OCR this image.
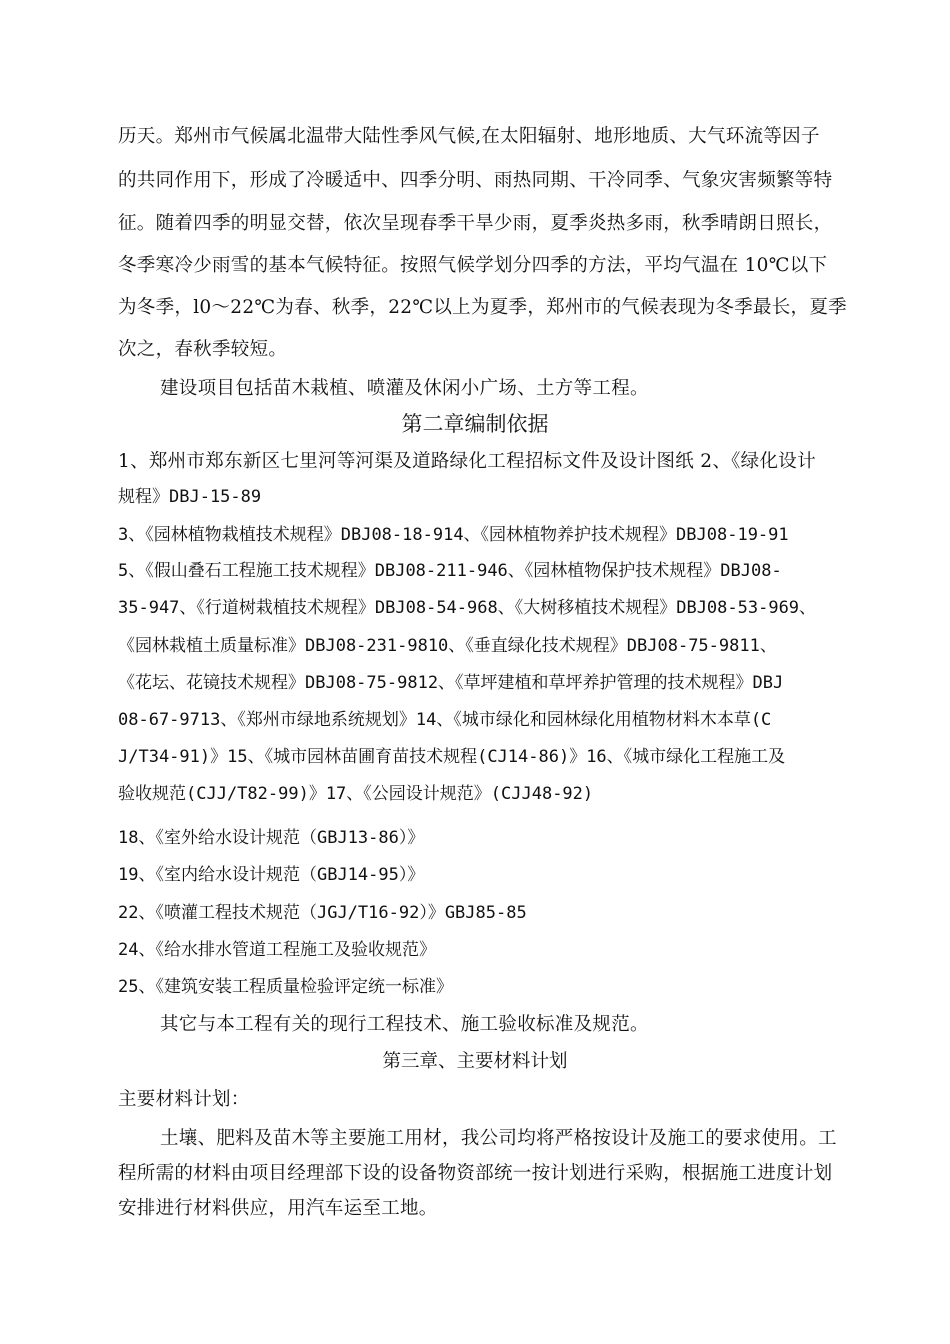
历天。郑州市气候属北温带大陆性季风气候,在太阳辐射、地形地质、大气环流等因子
的共同作用下，形成了冷暖适中、四季分明、雨热同期、干冷同季、气象灾害频繁等特
征。随着四季的明显交替，依次呈现春季干旱少雨，夏季炎热多雨，秋季晴朗日照长，
冬季寒冷少雨雪的基本气候特征。按照气候学划分四季的方法，平均气温在 10℃以下
为冬季，l0～22℃为春、秋季，22℃以上为夏季，郑州市的气候表现为冬季最长，夏季
次之，春秋季较短。
建设项目包括苗木栽植、喷灌及休闲小广场、土方等工程。
第二章编制依据
1、郑州市郑东新区七里河等河渠及道路绿化工程招标文件及设计图纸 2、《绿化设计
规程》DBJ-15-89
3、《园林植物栽植技术规程》DBJ08-18-914、《园林植物养护技术规程》DBJ08-19-91
5、《假山叠石工程施工技术规程》DBJ08-211-946、《园林植物保护技术规程》DBJ08-
35-947、《行道树栽植技术规程》DBJ08-54-968、《大树移植技术规程》DBJ08-53-969、
《园林栽植土质量标准》DBJ08-231-9810、《垂直绿化技术规程》DBJ08-75-9811、
《花坛、花镜技术规程》DBJ08-75-9812、《草坪建植和草坪养护管理的技术规程》DBJ
08-67-9713、《郑州市绿地系统规划》14、《城市绿化和园林绿化用植物材料木本草(C
J/T34-91)》15、《城市园林苗圃育苗技术规程(CJ14-86)》16、《城市绿化工程施工及
验收规范(CJJ/T82-99)》17、《公园设计规范》(CJJ48-92)
18、《室外给水设计规范（GBJ13-86）》
19、《室内给水设计规范（GBJ14-95）》
22、《喷灌工程技术规范（JGJ/T16-92）》GBJ85-85
24、《给水排水管道工程施工及验收规范》
25、《建筑安装工程质量检验评定统一标准》
其它与本工程有关的现行工程技术、施工验收标准及规范。
第三章、主要材料计划
主要材料计划：
土壤、肥料及苗木等主要施工用材，我公司均将严格按设计及施工的要求使用。工
程所需的材料由项目经理部下设的设备物资部统一按计划进行采购，根据施工进度计划
安排进行材料供应，用汽车运至工地。
